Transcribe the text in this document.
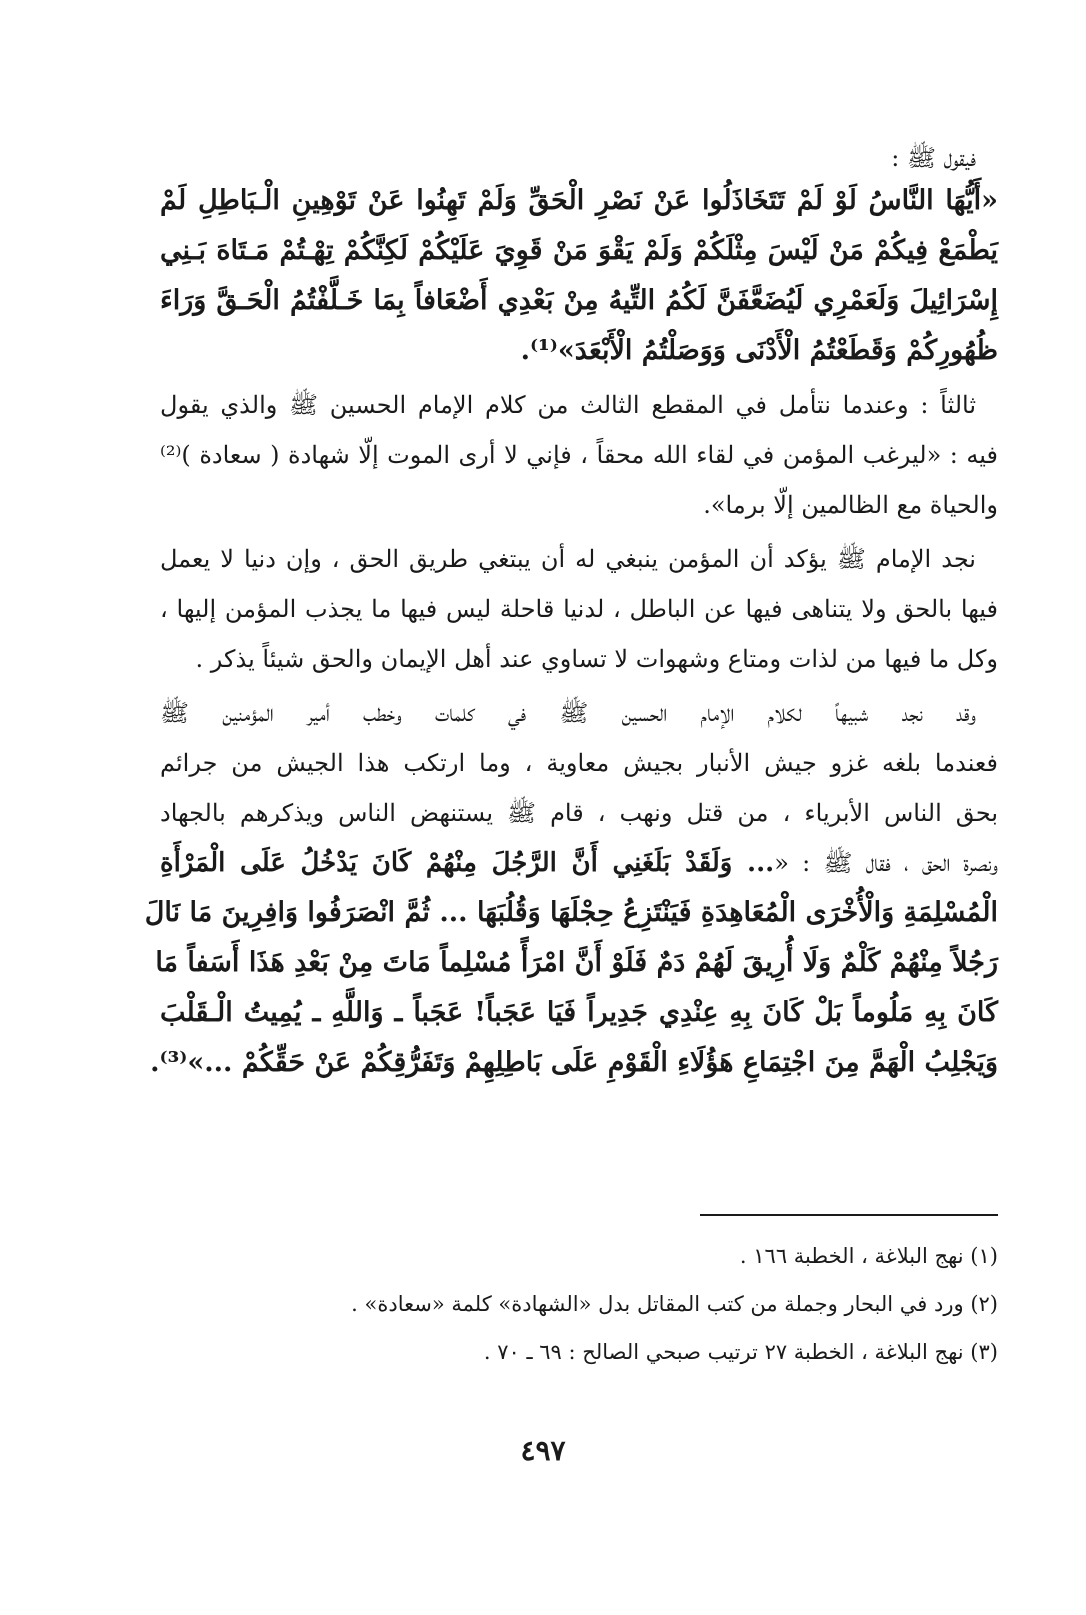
فيقول ﷺ :
«أَيُّهَا النَّاسُ لَوْ لَمْ تَتَخَاذَلُوا عَنْ نَصْرِ الْحَقِّ وَلَمْ تَهِنُوا عَنْ تَوْهِينِ الْـبَاطِلِ لَمْ
يَطْمَعْ فِيكُمْ مَنْ لَيْسَ مِثْلَكُمْ وَلَمْ يَقْوَ مَنْ قَوِيَ عَلَيْكُمْ لَكِنَّكُمْ تِهْـتُمْ مَـتَاهَ بَـنِي
إِسْرَائِيلَ وَلَعَمْرِي لَيُضَعَّفَنَّ لَكُمُ التِّيهُ مِنْ بَعْدِي أَضْعَافاً بِمَا خَـلَّفْتُمُ الْحَـقَّ وَرَاءَ
ظُهُورِكُمْ وَقَطَعْتُمُ الْأَدْنَى وَوَصَلْتُمُ الْأَبْعَدَ»⁽¹⁾.
ثالثاً : وعندما نتأمل في المقطع الثالث من كلام الإمام الحسين ﷺ والذي يقول
فيه : «ليرغب المؤمن في لقاء الله محقاً ، فإني لا أرى الموت إلّا شهادة ( سعادة )⁽²⁾
والحياة مع الظالمين إلّا برما».
نجد الإمام ﷺ يؤكد أن المؤمن ينبغي له أن يبتغي طريق الحق ، وإن دنيا لا يعمل
فيها بالحق ولا يتناهى فيها عن الباطل ، لدنيا قاحلة ليس فيها ما يجذب المؤمن إليها ،
وكل ما فيها من لذات ومتاع وشهوات لا تساوي عند أهل الإيمان والحق شيئاً يذكر .
وقد نجد شبيهاً لكلام الإمام الحسين ﷺ في كلمات وخطب أمير المؤمنين ﷺ
فعندما بلغه غزو جيش الأنبار بجيش معاوية ، وما ارتكب هذا الجيش من جرائم
بحق الناس الأبرياء ، من قتل ونهب ، قام ﷺ يستنهض الناس ويذكرهم بالجهاد
ونصرة الحق ، فقال ﷺ : «... وَلَقَدْ بَلَغَنِي أَنَّ الرَّجُلَ مِنْهُمْ كَانَ يَدْخُلُ عَلَى الْمَرْأَةِ
الْمُسْلِمَةِ وَالْأُخْرَى الْمُعَاهِدَةِ فَيَنْتَزِعُ حِجْلَهَا وَقُلُبَهَا ... ثُمَّ انْصَرَفُوا وَافِرِينَ مَا نَالَ
رَجُلاً مِنْهُمْ كَلْمٌ وَلَا أُرِيقَ لَهُمْ دَمٌ فَلَوْ أَنَّ امْرَأً مُسْلِماً مَاتَ مِنْ بَعْدِ هَذَا أَسَفاً مَا
كَانَ بِهِ مَلُوماً بَلْ كَانَ بِهِ عِنْدِي جَدِيراً فَيَا عَجَباً! عَجَباً ـ وَاللَّهِ ـ يُمِيتُ الْـقَلْبَ
وَيَجْلِبُ الْهَمَّ مِنَ اجْتِمَاعِ هَؤُلَاءِ الْقَوْمِ عَلَى بَاطِلِهِمْ وَتَفَرُّقِكُمْ عَنْ حَقِّكُمْ ...»⁽³⁾.
(١) نهج البلاغة ، الخطبة ١٦٦ .
(٢) ورد في البحار وجملة من كتب المقاتل بدل «الشهادة» كلمة «سعادة» .
(٣) نهج البلاغة ، الخطبة ٢٧ ترتيب صبحي الصالح : ٦٩ ـ ٧٠ .
٤٩٧
